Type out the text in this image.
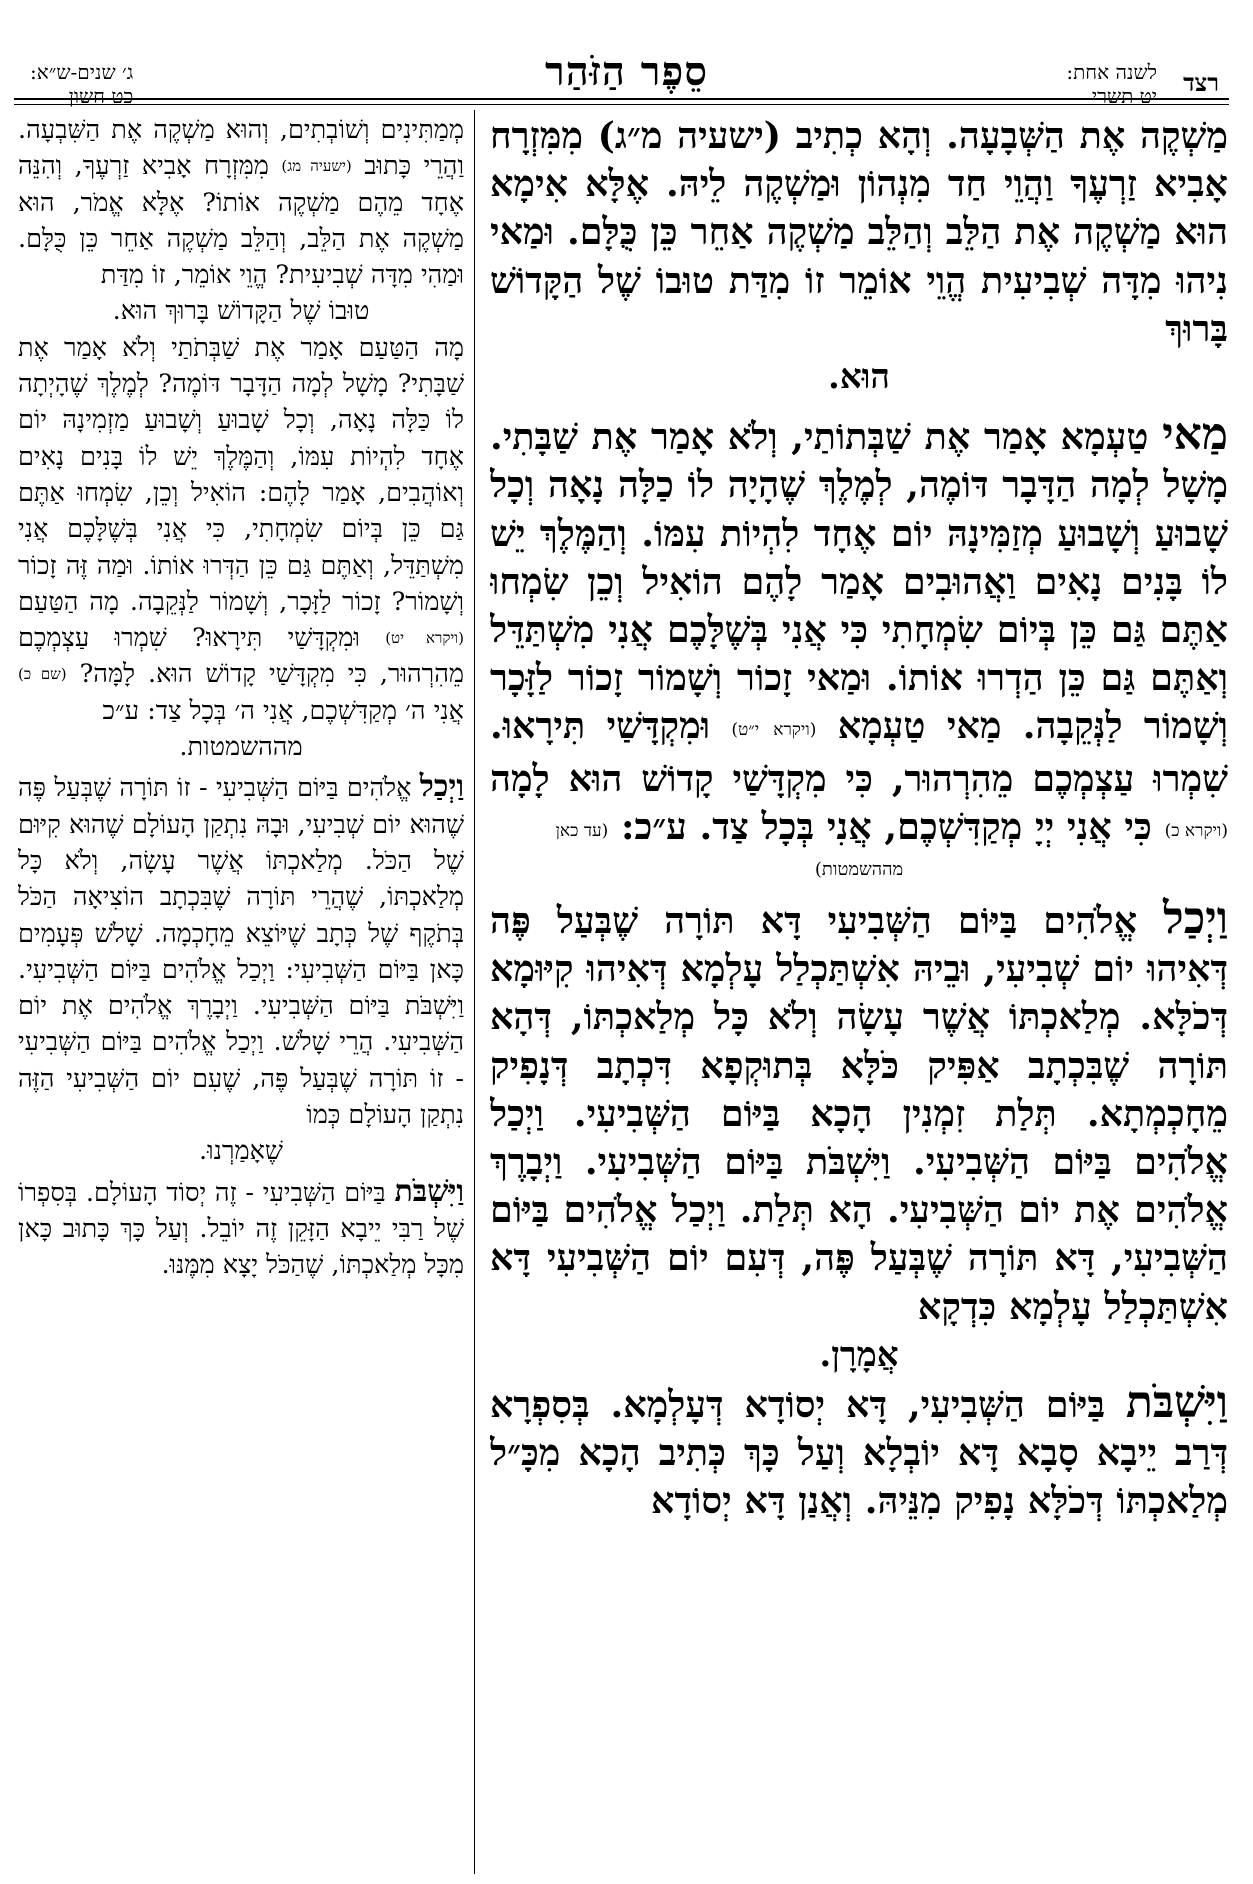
רצד
לשנה אחת:
יט תשרי
סֵפֶר הַזֹּהַר
ג׳ שנים-ש״א:
כט חשון

מַשְׁקֶה אֶת הַשְּׁבָעָה. וְהָא כְתִיב (ישעיה מ״ג) מִמִּזְרָח אָבִיא זַרְעֶךָ וַהֲוֵי חַד מִנְהוֹן וּמַשְׁקֶה לֵיהּ. אֶלָּא אִימָא הוּא מַשְׁקֶה אֶת הַלֵּב וְהַלֵּב מַשְׁקֶה אַחֵר כֵּן כֻּלָּם. וּמַאי נִיהוּ מִדָּה שְׁבִיעִית הֱוֵי אוֹמֵר זוֹ מִדַּת טוּבוֹ שֶׁל הַקָּדוֹשׁ בָּרוּךְ

הוּא.

מַאי טַעְמָא אָמַר אֶת שַׁבְּתוֹתַי, וְלֹא אָמַר אֶת שַׁבָּתִי. מָשָׁל לְמָה הַדָּבָר דּוֹמֶה, לְמֶלֶךְ שֶׁהָיָה לוֹ כַלָּה נָאָה וְכָל שָׁבוּעַ וְשָׁבוּעַ מְזַמִּינָהּ יוֹם אֶחָד לִהְיוֹת עִמּוֹ. וְהַמֶּלֶךְ יֵשׁ לוֹ בָּנִים נָאִים וַאֲהוּבִים אָמַר לָהֶם הוֹאִיל וְכֵן שִׂמְחוּ אַתֶּם גַּם כֵּן בְּיוֹם שִׂמְחָתִי כִּי אֲנִי בְּשֶׁלָּכֶם אֲנִי מִשְׁתַּדֵּל וְאַתֶּם גַּם כֵּן הַדְרוּ אוֹתוֹ. וּמַאי זָכוֹר וְשָׁמוֹר זָכוֹר לַזָּכָר וְשָׁמוֹר לַנְּקֵבָה. מַאי טַעְמָא (ויקרא י״ט) וּמִקְדָּשַׁי תִּירָאוּ. שִׁמְרוּ עַצְמְכֶם מֵהִרְהוּר, כִּי מִקְדָּשַׁי קָדוֹשׁ הוּא לָמָה (ויקרא כ) כִּי אֲנִי יְיָ מְקַדִּשְׁכֶם, אֲנִי בְּכָל צַד. ע״כ: (עד כאן

מההשמטות)

וַיְכַל אֱלֹהִים בַּיּוֹם הַשְּׁבִיעִי דָּא תּוֹרָה שֶׁבְּעַל פֶּה דְּאִיהוּ יוֹם שְׁבִיעִי, וּבֵיהּ אִשְׁתַּכְלַל עָלְמָא דְּאִיהוּ קִיּוּמָא דְּכֹלָּא. מְלַאכְתּוֹ אֲשֶׁר עָשָׂה וְלֹא כָּל מְלַאכְתּוֹ, דְּהָא תּוֹרָה שֶׁבִּכְתָב אַפִּיק כֹּלָּא בְּתוּקְפָא דִּכְתָב דְּנָפִיק מֵחָכְמְתָא. תְּלַת זִמְנִין הָכָא בַּיּוֹם הַשְּׁבִיעִי. וַיְכַל אֱלֹהִים בַּיּוֹם הַשְּׁבִיעִי. וַיִּשְׁבֹּת בַּיּוֹם הַשְּׁבִיעִי. וַיְבָרֶךְ אֱלֹהִים אֶת יוֹם הַשְּׁבִיעִי. הָא תְּלַת. וַיְכַל אֱלֹהִים בַּיּוֹם הַשְּׁבִיעִי, דָּא תּוֹרָה שֶׁבְּעַל פֶּה, דְּעִם יוֹם הַשְּׁבִיעִי דָּא אִשְׁתַּכְלַל עָלְמָא כִּדְקָא

אֲמָרָן.

וַיִּשְׁבֹּת בַּיּוֹם הַשְּׁבִיעִי, דָּא יְסוֹדָא דְּעָלְמָא. בְּסִפְרָא דְּרַב יֵיבָא סָבָא דָּא יוֹבְלָא וְעַל כָּךְ כְּתִיב הָכָא מִכָּ״ל מְלַאכְתּוֹ דְּכֹלָּא נָפִיק מִנֵּיהּ. וְאֲנַן דָּא יְסוֹדָא

מְמַתִּינִים וְשׁוֹבְתִים, וְהוּא מַשְׁקֶה אֶת הַשִּׁבְעָה. וַהֲרֵי כָּתוּב (ישעיה מג) מִמִּזְרָח אָבִיא זַרְעֶךָ, וְהִנֵּה אֶחָד מֵהֶם מַשְׁקֶה אוֹתוֹ? אֶלָּא אֱמֹר, הוּא מַשְׁקֶה אֶת הַלֵּב, וְהַלֵּב מַשְׁקֶה אַחֵר כֵּן כֻּלָּם. וּמַהִי מִדָּה שְׁבִיעִית? הֱוֵי אוֹמֵר, זוֹ מִדַּת

טוּבוֹ שֶׁל הַקָּדוֹשׁ בָּרוּךְ הוּא.

מָה הַטַּעַם אָמַר אֶת שַׁבְּתֹתַי וְלֹא אָמַר אֶת שַׁבָּתִי? מָשָׁל לְמָה הַדָּבָר דּוֹמֶה? לְמֶלֶךְ שֶׁהָיְתָה לוֹ כַּלָּה נָאָה, וְכָל שָׁבוּעַ וְשָׁבוּעַ מַזְמִינָהּ יוֹם אֶחָד לִהְיוֹת עִמּוֹ, וְהַמֶּלֶךְ יֵשׁ לוֹ בָּנִים נָאִים וְאוֹהֲבִים, אָמַר לָהֶם: הוֹאִיל וְכֵן, שִׂמְחוּ אַתֶּם גַּם כֵּן בְּיוֹם שִׂמְחָתִי, כִּי אֲנִי בְּשֶׁלָּכֶם אֲנִי מִשְׁתַּדֵּל, וְאַתֶּם גַּם כֵּן הַדְּרוּ אוֹתוֹ. וּמַה זֶּה זָכוֹר וְשָׁמוֹר? זָכוֹר לַזָּכָר, וְשָׁמוֹר לַנְּקֵבָה. מָה הַטַּעַם (ויקרא יט) וּמִקְדָּשַׁי תִּירָאוּ? שִׁמְרוּ עַצְמְכֶם מֵהִרְהוּר, כִּי מִקְדָּשַׁי קָדוֹשׁ הוּא. לָמָּה? (שם כ) אֲנִי ה׳ מְקַדִּשְׁכֶם, אֲנִי ה׳ בְּכָל צַד: ע״כ

מההשמטות.

וַיְכַל אֱלֹהִים בַּיּוֹם הַשְּׁבִיעִי - זוֹ תּוֹרָה שֶׁבְּעַל פֶּה שֶׁהוּא יוֹם שְׁבִיעִי, וּבָהּ נִתְקַן הָעוֹלָם שֶׁהוּא קִיּוּם שֶׁל הַכֹּל. מְלַאכְתּוֹ אֲשֶׁר עָשָׂה, וְלֹא כָּל מְלַאכְתּוֹ, שֶׁהֲרֵי תּוֹרָה שֶׁבִּכְתָב הוֹצִיאָה הַכֹּל בְּתֹקֶף שֶׁל כְּתָב שֶׁיּוֹצֵא מֵחָכְמָה. שָׁלֹשׁ פְּעָמִים כָּאן בַּיּוֹם הַשְּׁבִיעִי: וַיְכַל אֱלֹהִים בַּיּוֹם הַשְּׁבִיעִי. וַיִּשְׁבֹּת בַּיּוֹם הַשְּׁבִיעִי. וַיְבָרֶךְ אֱלֹהִים אֶת יוֹם הַשְּׁבִיעִי. הֲרֵי שָׁלֹשׁ. וַיְכַל אֱלֹהִים בַּיּוֹם הַשְּׁבִיעִי - זוֹ תּוֹרָה שֶׁבְּעַל פֶּה, שֶׁעִם יוֹם הַשְּׁבִיעִי הַזֶּה נִתְקַן הָעוֹלָם כְּמוֹ

שֶׁאָמַרְנוּ.

וַיִּשְׁבֹּת בַּיּוֹם הַשְּׁבִיעִי - זֶה יְסוֹד הָעוֹלָם. בְּסִפְרוֹ שֶׁל רַבִּי יֵיבָא הַזָּקֵן זֶה יוֹבֵל. וְעַל כָּךְ כָּתוּב כָּאן מִכָּל מְלַאכְתּוֹ, שֶׁהַכֹּל יָצָא מִמֶּנּוּ.
